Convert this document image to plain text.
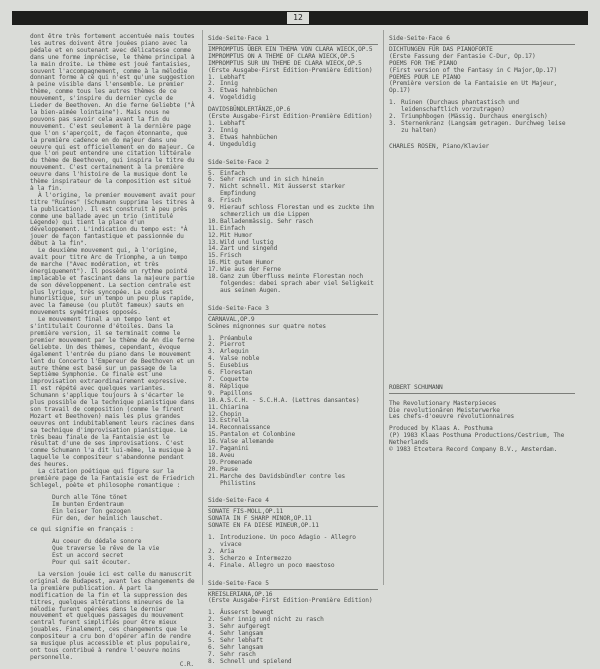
12

dont être très fortement accentuée mais toutes les autres doivent être jouées piano avec la pédale et en soutenant avec délicatesse comme dans une forme imprécise, le thème principal à la main droite. Le thème est joué fantaisies, souvent l'accompagnement, comme à la mélodie donnant forme à ce qui n'est qu'une suggestion à peine visible dans l'ensemble. Le premier thème, comme tous les autres thèmes de ce mouvement, s'inspire du dernier cycle de Lieder de Beethoven. An die ferne Geliebte ("À la bien-aimée lointaine"). Mais nous ne pouvons pas savoir cela avant la fin du mouvement. C'est seulement à la dernière page que l'on s'aperçoit, de façon étonnante, que la première cadence en do majeur dans une oeuvre qui est officiellement en do majeur. Ce que l'on peut entendre une citation littérale du thème de Beethoven, qui inspira le titre du mouvement. C'est certainement à la première oeuvre dans l'histoire de la musique dont le thème inspirateur de la composition est situé à la fin.

À l'origine, le premier mouvement avait pour titre "Ruines" (Schumann supprima les titres à la publication). Il est construit à peu près comme une ballade avec un trio (intitulé Légende) qui tient la place d'un développement. L'indication du tempo est: "À jouer de façon fantastique et passionnée du début à la fin".

Le deuxième mouvement qui, à l'origine, avait pour titre Arc de Triomphe, a un tempo de marche ("Avec modération, et très énergiquement"). Il possède un rythme pointé implacable et fascinant dans la majeure partie de son développement. La section centrale est plus lyrique, très syncopée. La coda est humoristique, sur un tempo un peu plus rapide, avec la fameuse (ou plutôt fameux) sauts en mouvements symétriques opposés.

Le mouvement final a un tempo lent et s'intitulait Couronne d'étoiles. Dans la première version, il se terminait comme le premier mouvement par le thème de An die ferne Geliebte. Un des thèmes, cependant, évoque également l'entrée du piano dans le mouvement lent du Concerto l'Empereur de Beethoven et un autre thème est basé sur un passage de la Septième Symphonie. Ce finale est une improvisation extraordinairement expressive. Il est répété avec quelques variantes. Schumann s'applique toujours à s'écarter le plus possible de la technique pianistique dans son travail de composition (comme le firent Mozart et Beethoven) mais les plus grandes oeuvres ont indubitablement leurs racines dans sa technique d'improvisation pianistique. Le très beau finale de la Fantaisie est le résultat d'une de ses improvisations. C'est comme Schumann l'a dit lui-même, la musique à laquelle le compositeur s'abandonne pendant des heures.

La citation poétique qui figure sur la première page de la Fantaisie est de Friedrich Schlegel, poète et philosophe romantique :

Durch alle Töne tönet

Im bunten Erdentraum

Ein leiser Ton gezogen

Für den, der heimlich lauschet.

ce qui signifie en français :

Au coeur du dédale sonore

Que traverse le rêve de la vie

Est un accord secret

Pour qui sait écouter.

La version jouée ici est celle du manuscrit original de Budapest, avant les changements de la première publication. À part la modification de la fin et la suppression des titres, quelques altérations mineures de la mélodie furent opérées dans le dernier mouvement et quelques passages du mouvement central furent simplifiés pour être mieux jouables. Finalement, ces changements que le compositeur a cru bon d'opérer afin de rendre sa musique plus accessible et plus populaire, ont tous contribué à rendre l'oeuvre moins personnelle.

C.R.

Side·Seite·Face 1

IMPROMPTUS ÜBER EIN THEMA VON CLARA WIECK,OP.5

IMPROMPTUS ON A THEME OF CLARA WIECK,OP.5

IMPROMPTUS SUR UN THEME DE CLARA WIECK,OP.5

(Erste Ausgabe·First Edition·Première Edition)

1. Lebhaft
2. Innig
3. Etwas hahnbüchen
4. Vogeldidig

DAVIDSBÜNDLERTÄNZE,OP.6

(Erste Ausgabe·First Edition·Première Edition)

1. Lebhaft
2. Innig
3. Etwas hahnbüchen
4. Ungeduldig
Side·Seite·Face 2
5. Einfach
6. Sehr rasch und in sich hinein
7. Nicht schnell. Mit äusserst starker Empfindung
8. Frisch
9. Hierauf schloss Florestan und es zuckte ihm schmerzlich um die Lippen
10. Balladenmässig. Sehr rasch
11. Einfach
12. Mit Humor
13. Wild und lustig
14. Zart und singend
15. Frisch
16. Mit gutem Humor
17. Wie aus der Ferne
18. Ganz zum Überfluss meinte Florestan noch folgendes: dabei sprach aber viel Seligkeit aus seinen Augen.
Side·Seite·Face 3

CARNAVAL,OP.9

Scènes mignonnes sur quatre notes

1. Préambule
2. Pierrot
3. Arlequin
4. Valse noble
5. Eusebius
6. Florestan
7. Coquette
8. Réplique
9. Papillons
10. A.S.C.H. - S.C.H.A. (Lettres dansantes)
11. Chiarina
12. Chopin
13. Estrella
14. Reconnaissance
15. Pantalon et Colombine
16. Valse allemande
17. Paganini
18. Aveu
19. Promenade
20. Pause
21. Marche des Davidsbündler contre les Philistins
Side·Seite·Face 4

SONATE FIS-MOLL,OP.11

SONATA IN F SHARP MINOR,OP.11

SONATE EN FA DIESE MINEUR,OP.11

1. Introduzione. Un poco Adagio - Allegro vivace
2. Aria
3. Scherzo e Intermezzo
4. Finale. Allegro un poco maestoso
Side·Seite·Face 5

KREISLERIANA,OP.16

(Erste Ausgabe·First Edition·Première Edition)

1. Äusserst bewegt
2. Sehr innig und nicht zu rasch
3. Sehr aufgeregt
4. Sehr langsam
5. Sehr lebhaft
6. Sehr langsam
7. Sehr rasch
8. Schnell und spielend
Side·Seite·Face 6

DICHTUNGEN FÜR DAS PIANOFORTE

(Erste Fassung der Fantasie C-Dur, Op.17)

POEMS FOR THE PIANO

(First version of the Fantasy in C Major,Op.17)

POEMES POUR LE PIANO

(Première version de la Fantaisie en Ut Majeur, Op.17)

1. Ruinen (Durchaus phantastisch und leidenschaftlich vorzutragen)
2. Triumphbogen (Mässig. Durchaus energisch)
3. Sternenkranz (Langsam getragen. Durchweg leise zu halten)

CHARLES ROSEN, Piano/Klavier

ROBERT SCHUMANN

The Revolutionary Masterpieces

Die revolutionären Meisterwerke

Les chefs-d'oeuvre révolutionnaires

Produced by Klaas A. Posthuma

(P) 1983 Klaas Posthuma Productions/Cestrium, The Netherlands

© 1983 Etcetera Record Company B.V., Amsterdam.
